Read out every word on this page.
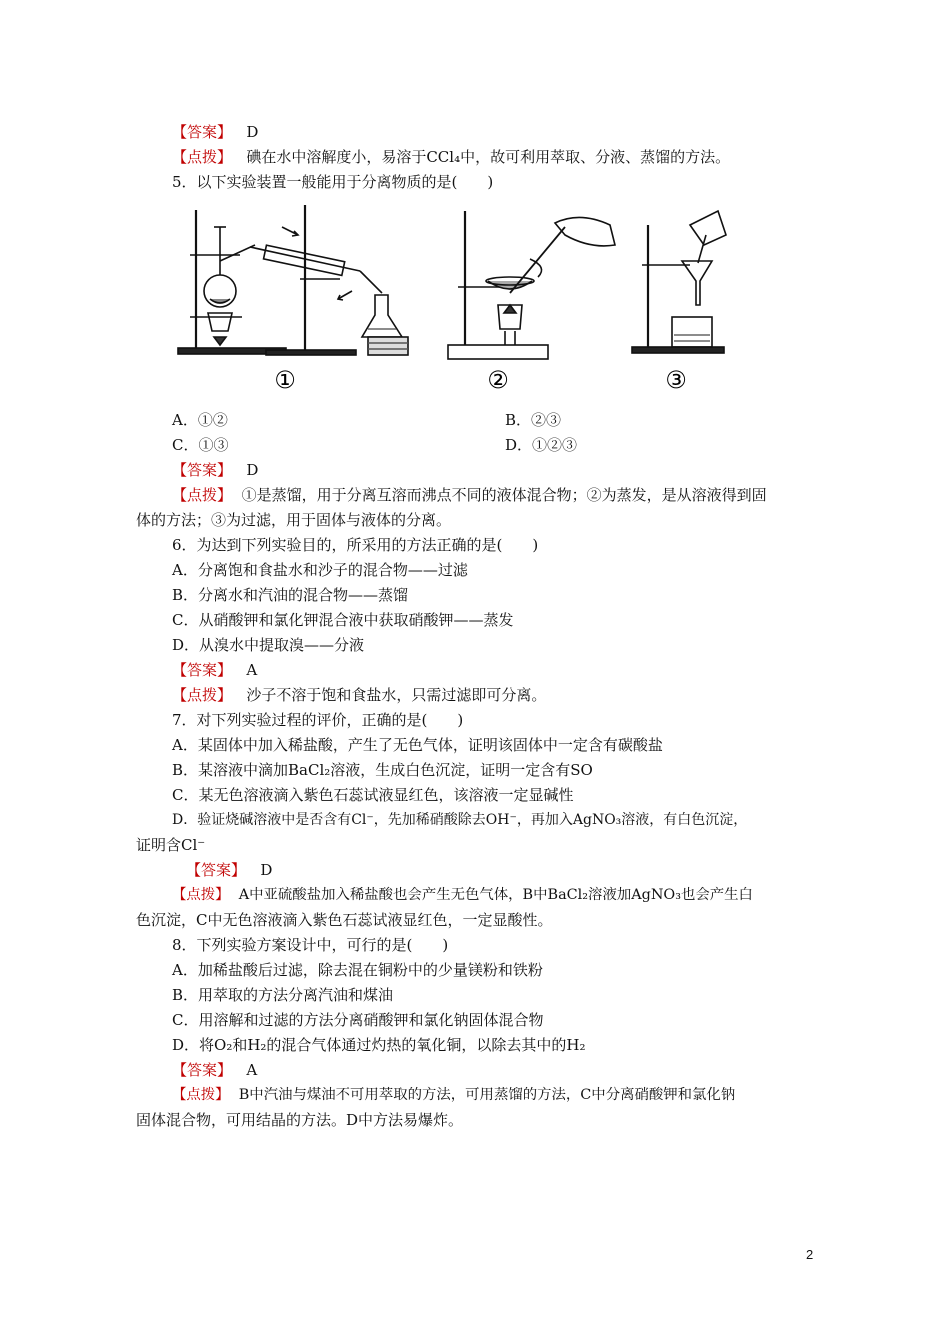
【答案】 D
【点拨】 碘在水中溶解度小，易溶于CCl₄中，故可利用萃取、分液、蒸馏的方法。
5．以下实验装置一般能用于分离物质的是(　　)
①	②	③
A．①②	B．②③
C．①③	D．①②③
【答案】 D
【点拨】 ①是蒸馏，用于分离互溶而沸点不同的液体混合物；②为蒸发，是从溶液得到固
体的方法；③为过滤，用于固体与液体的分离。
6．为达到下列实验目的，所采用的方法正确的是(　　)
A．分离饱和食盐水和沙子的混合物——过滤
B．分离水和汽油的混合物——蒸馏
C．从硝酸钾和氯化钾混合液中获取硝酸钾——蒸发
D．从溴水中提取溴——分液
【答案】 A
【点拨】 沙子不溶于饱和食盐水，只需过滤即可分离。
7．对下列实验过程的评价，正确的是(　　)
A．某固体中加入稀盐酸，产生了无色气体，证明该固体中一定含有碳酸盐
B．某溶液中滴加BaCl₂溶液，生成白色沉淀，证明一定含有SO
C．某无色溶液滴入紫色石蕊试液显红色，该溶液一定显碱性
D．验证烧碱溶液中是否含有Cl⁻，先加稀硝酸除去OH⁻，再加入AgNO₃溶液，有白色沉淀，
证明含Cl⁻
【答案】 D
【点拨】 A中亚硫酸盐加入稀盐酸也会产生无色气体，B中BaCl₂溶液加AgNO₃也会产生白
色沉淀，C中无色溶液滴入紫色石蕊试液显红色，一定显酸性。
8．下列实验方案设计中，可行的是(　　)
A．加稀盐酸后过滤，除去混在铜粉中的少量镁粉和铁粉
B．用萃取的方法分离汽油和煤油
C．用溶解和过滤的方法分离硝酸钾和氯化钠固体混合物
D．将O₂和H₂的混合气体通过灼热的氧化铜，以除去其中的H₂
【答案】 A
【点拨】 B中汽油与煤油不可用萃取的方法，可用蒸馏的方法，C中分离硝酸钾和氯化钠
固体混合物，可用结晶的方法。D中方法易爆炸。
2
